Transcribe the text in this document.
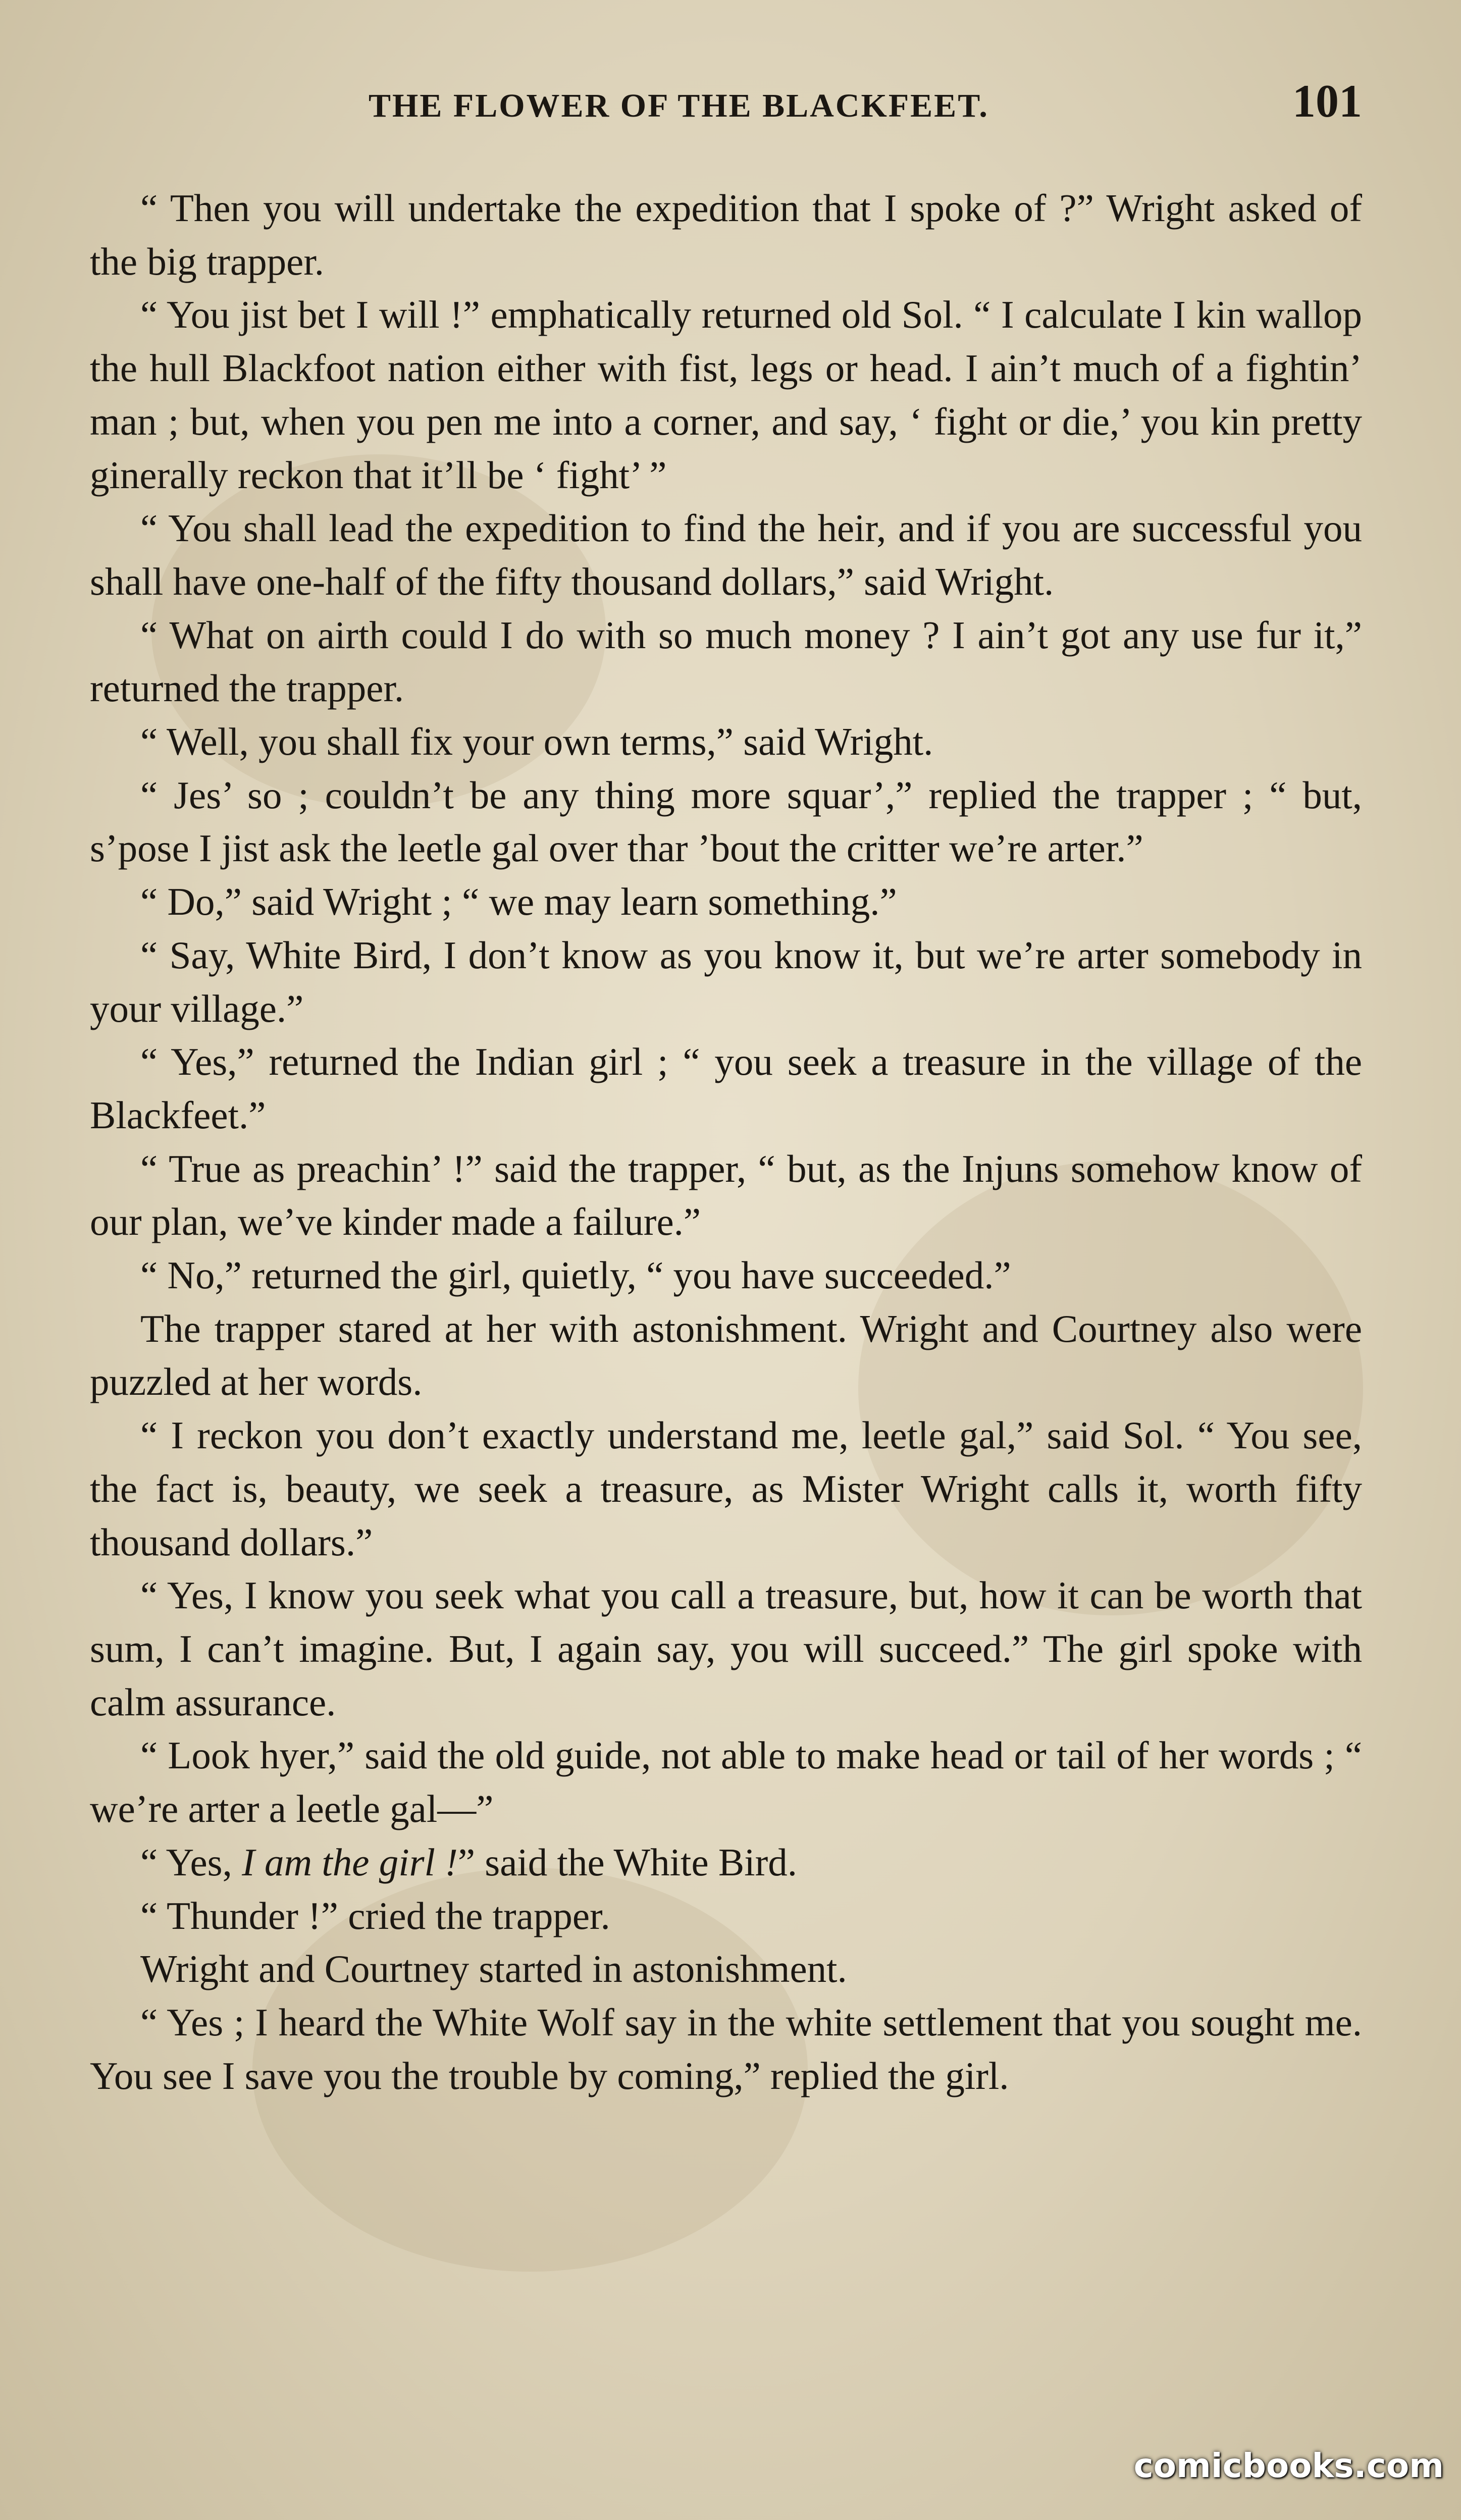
THE FLOWER OF THE BLACKFEET.	101

“ Then you will undertake the expedition that I spoke of ?” Wright asked of the big trapper.

“ You jist bet I will !” emphatically returned old Sol. “ I calculate I kin wallop the hull Blackfoot nation either with fist, legs or head. I ain’t much of a fightin’ man ; but, when you pen me into a corner, and say, ‘ fight or die,’ you kin pretty ginerally reckon that it’ll be ‘ fight’ ”

“ You shall lead the expedition to find the heir, and if you are successful you shall have one-half of the fifty thousand dollars,” said Wright.

“ What on airth could I do with so much money ? I ain’t got any use fur it,” returned the trapper.

“ Well, you shall fix your own terms,” said Wright.

“ Jes’ so ; couldn’t be any thing more squar’,” replied the trapper ; “ but, s’pose I jist ask the leetle gal over thar ’bout the critter we’re arter.”

“ Do,” said Wright ; “ we may learn something.”

“ Say, White Bird, I don’t know as you know it, but we’re arter somebody in your village.”

“ Yes,” returned the Indian girl ; “ you seek a treasure in the village of the Blackfeet.”

“ True as preachin’ !” said the trapper, “ but, as the Injuns somehow know of our plan, we’ve kinder made a failure.”

“ No,” returned the girl, quietly, “ you have succeeded.”

The trapper stared at her with astonishment. Wright and Courtney also were puzzled at her words.

“ I reckon you don’t exactly understand me, leetle gal,” said Sol. “ You see, the fact is, beauty, we seek a treasure, as Mister Wright calls it, worth fifty thousand dollars.”

“ Yes, I know you seek what you call a treasure, but, how it can be worth that sum, I can’t imagine. But, I again say, you will succeed.” The girl spoke with calm assurance.

“ Look hyer,” said the old guide, not able to make head or tail of her words ; “ we’re arter a leetle gal—”

“ Yes, I am the girl !” said the White Bird.

“ Thunder !” cried the trapper.

Wright and Courtney started in astonishment.

“ Yes ; I heard the White Wolf say in the white settlement that you sought me. You see I save you the trouble by coming,” replied the girl.

comicbooks.com
